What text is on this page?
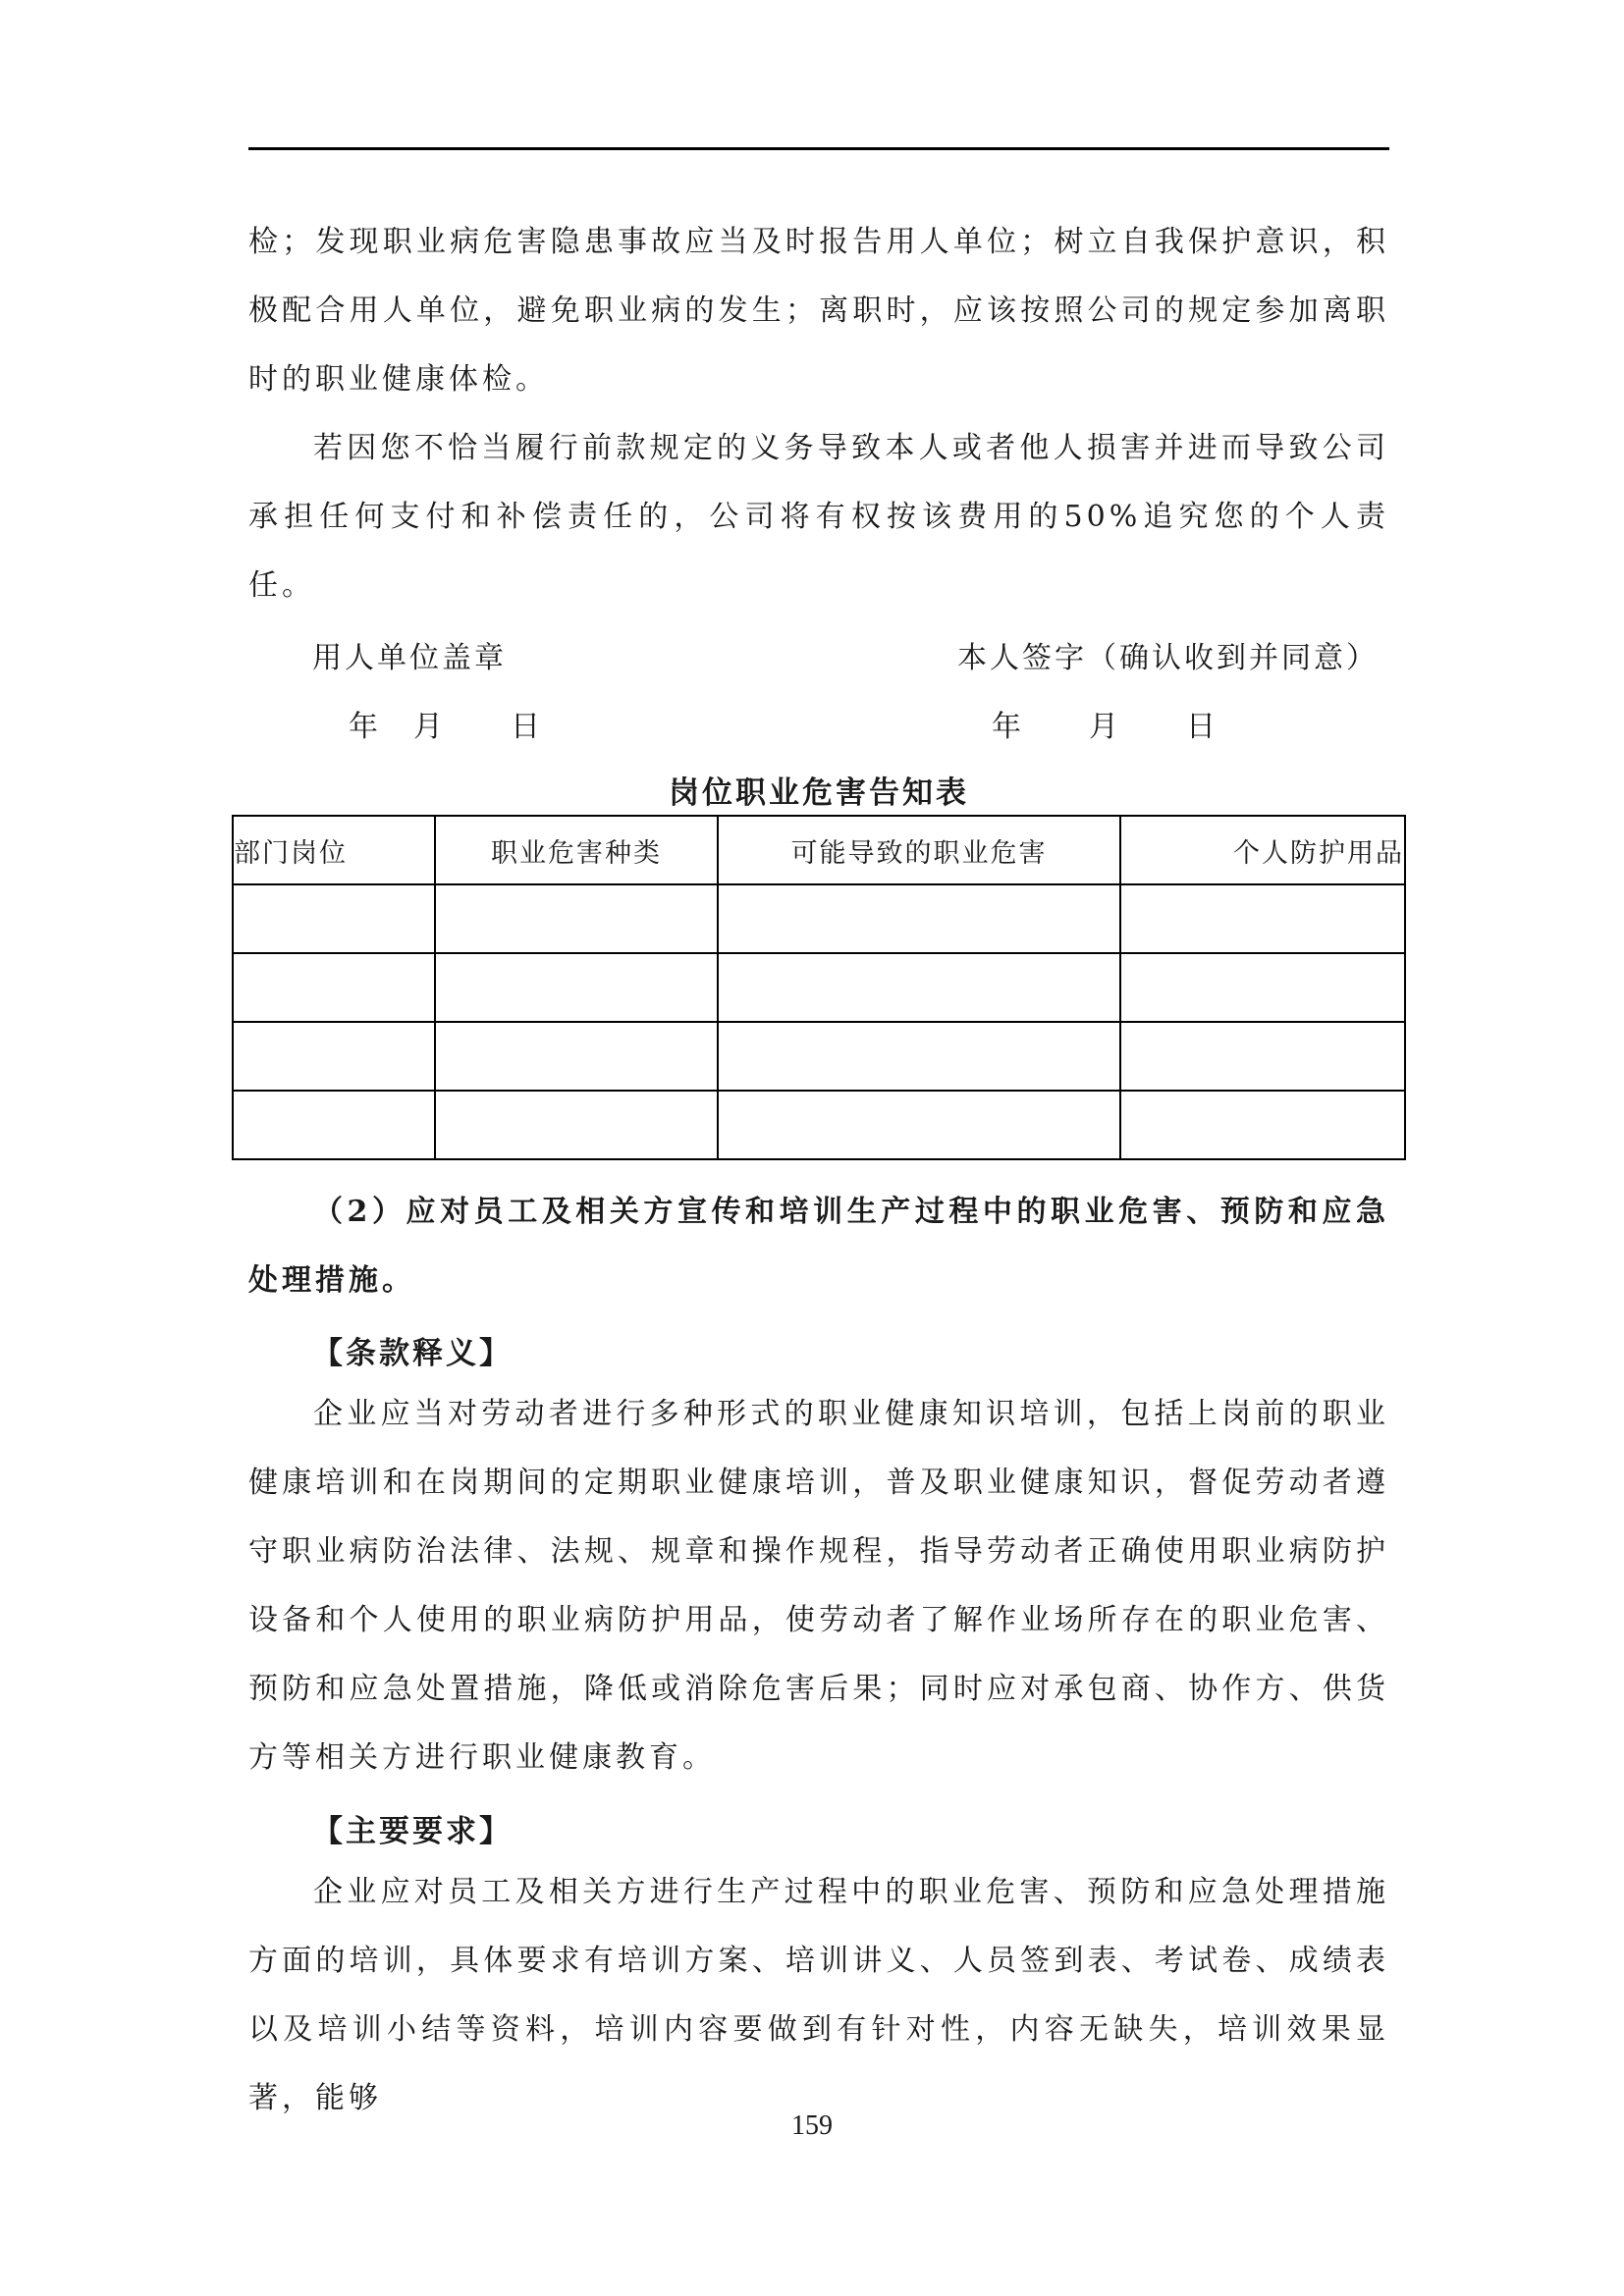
检；发现职业病危害隐患事故应当及时报告用人单位；树立自我保护意识，积极配合用人单位，避免职业病的发生；离职时，应该按照公司的规定参加离职时的职业健康体检。

若因您不恰当履行前款规定的义务导致本人或者他人损害并进而导致公司承担任何支付和补偿责任的，公司将有权按该费用的50%追究您的个人责任。

用人单位盖章
年　月　　日
本人签字（确认收到并同意）
年　　月　　日
岗位职业危害告知表
部门岗位	职业危害种类	可能导致的职业危害	个人防护用品

（2）应对员工及相关方宣传和培训生产过程中的职业危害、预防和应急处理措施。

【条款释义】

企业应当对劳动者进行多种形式的职业健康知识培训，包括上岗前的职业健康培训和在岗期间的定期职业健康培训，普及职业健康知识，督促劳动者遵守职业病防治法律、法规、规章和操作规程，指导劳动者正确使用职业病防护设备和个人使用的职业病防护用品，使劳动者了解作业场所存在的职业危害、预防和应急处置措施，降低或消除危害后果；同时应对承包商、协作方、供货方等相关方进行职业健康教育。

【主要要求】

企业应对员工及相关方进行生产过程中的职业危害、预防和应急处理措施方面的培训，具体要求有培训方案、培训讲义、人员签到表、考试卷、成绩表以及培训小结等资料，培训内容要做到有针对性，内容无缺失，培训效果显著，能够

159
